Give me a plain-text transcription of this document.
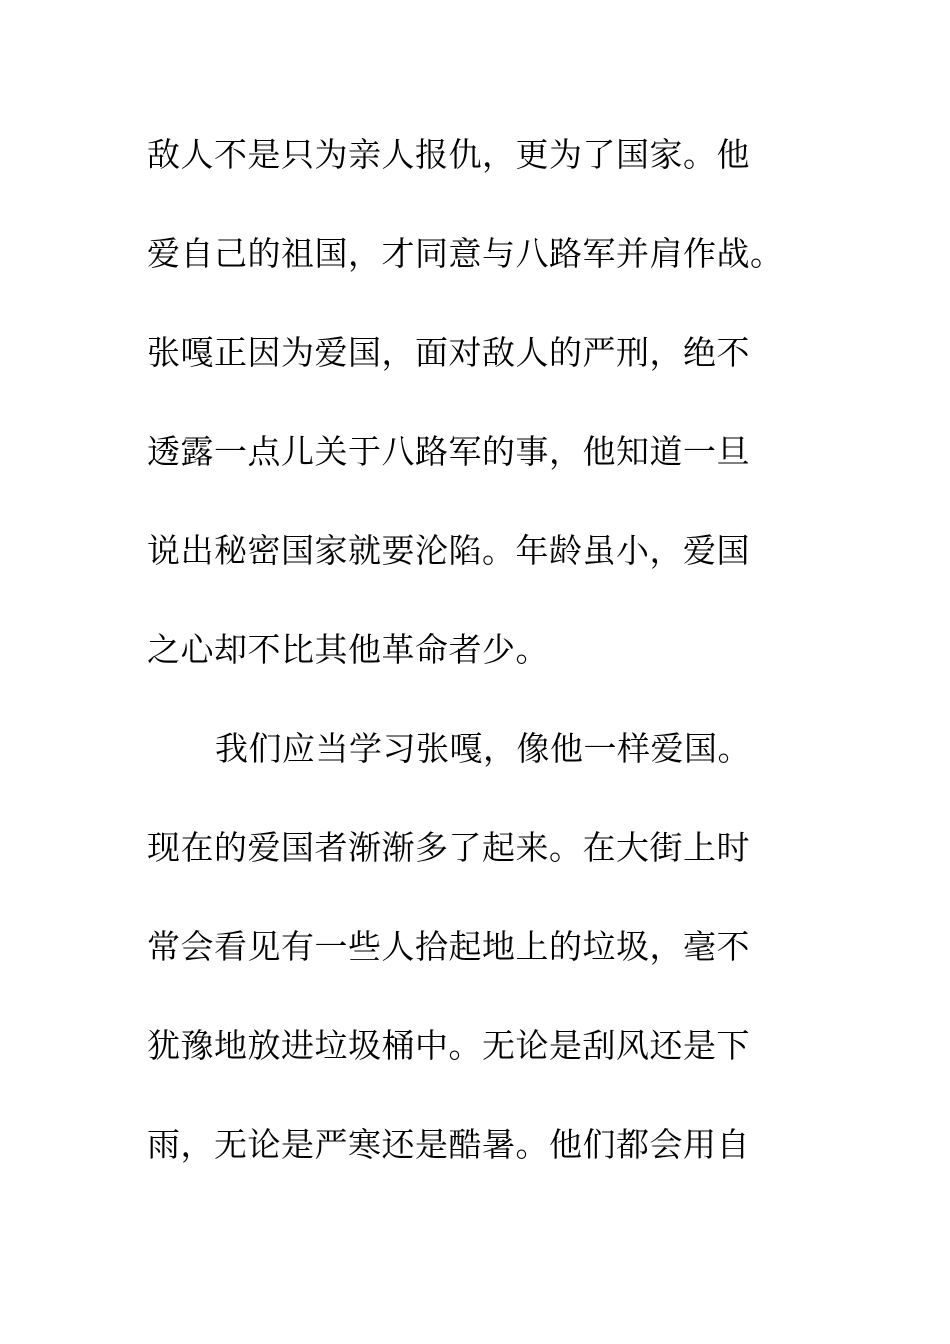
敌人不是只为亲人报仇，更为了国家。他
爱自己的祖国，才同意与八路军并肩作战。
张嘎正因为爱国，面对敌人的严刑，绝不
透露一点儿关于八路军的事，他知道一旦
说出秘密国家就要沦陷。年龄虽小，爱国
之心却不比其他革命者少。
我们应当学习张嘎，像他一样爱国。
现在的爱国者渐渐多了起来。在大街上时
常会看见有一些人拾起地上的垃圾，毫不
犹豫地放进垃圾桶中。无论是刮风还是下
雨，无论是严寒还是酷暑。他们都会用自
